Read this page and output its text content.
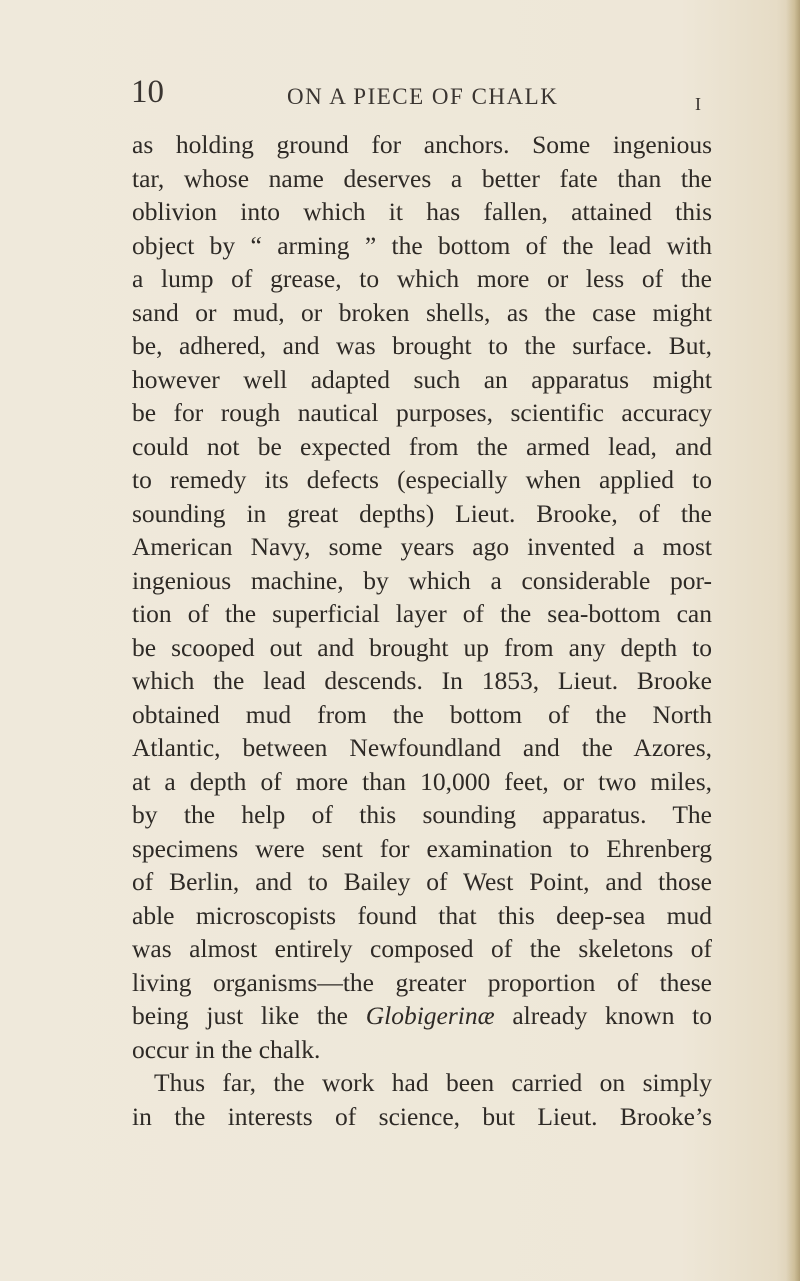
10	ON A PIECE OF CHALK	I
as holding ground for anchors. Some ingenious
tar, whose name deserves a better fate than the
oblivion into which it has fallen, attained this
object by “ arming ” the bottom of the lead with
a lump of grease, to which more or less of the
sand or mud, or broken shells, as the case might
be, adhered, and was brought to the surface. But,
however well adapted such an apparatus might
be for rough nautical purposes, scientific accuracy
could not be expected from the armed lead, and
to remedy its defects (especially when applied to
sounding in great depths) Lieut. Brooke, of the
American Navy, some years ago invented a most
ingenious machine, by which a considerable por-
tion of the superficial layer of the sea-bottom can
be scooped out and brought up from any depth to
which the lead descends. In 1853, Lieut. Brooke
obtained mud from the bottom of the North
Atlantic, between Newfoundland and the Azores,
at a depth of more than 10,000 feet, or two miles,
by the help of this sounding apparatus. The
specimens were sent for examination to Ehrenberg
of Berlin, and to Bailey of West Point, and those
able microscopists found that this deep-sea mud
was almost entirely composed of the skeletons of
living organisms—the greater proportion of these
being just like the Globigerinæ already known to
occur in the chalk.
Thus far, the work had been carried on simply
in the interests of science, but Lieut. Brooke’s
